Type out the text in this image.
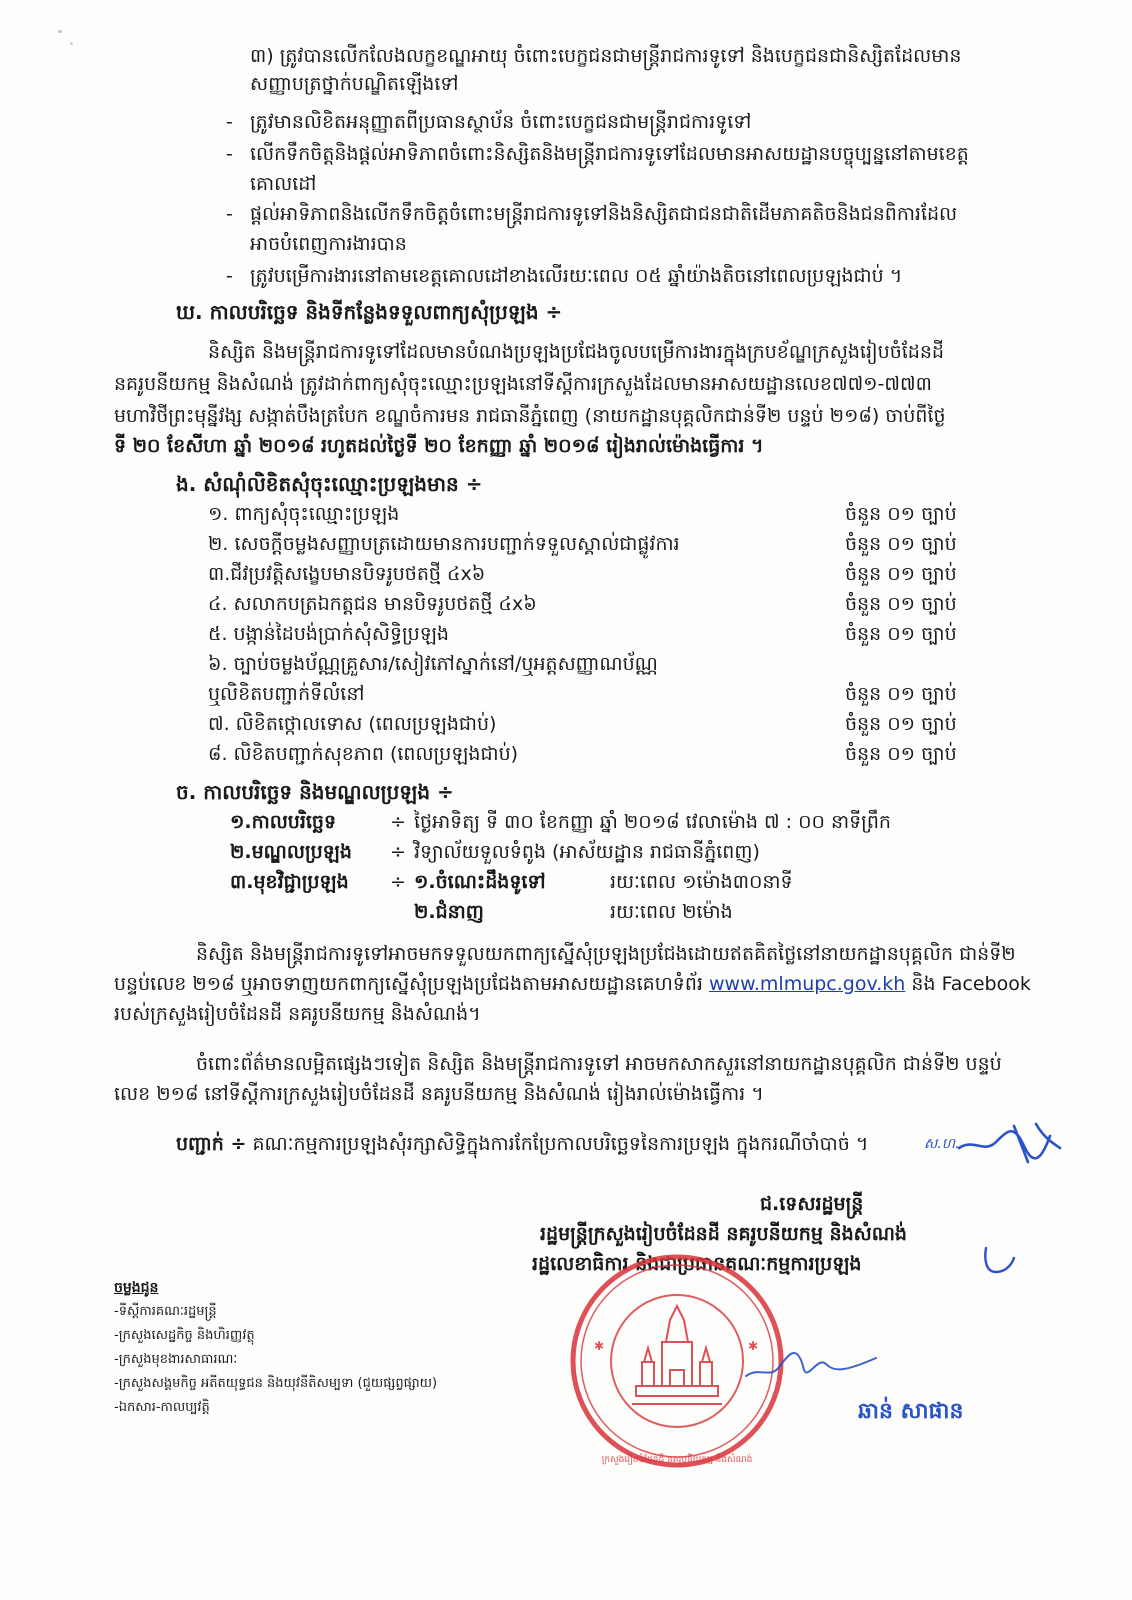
៣) ត្រូវបានលើកលែងលក្ខខណ្ឌអាយុ ចំពោះបេក្ខជនជាមន្ត្រីរាជការទូទៅ និងបេក្ខជនជានិស្សិតដែលមាន
សញ្ញាបត្រថ្នាក់បណ្ឌិតឡើងទៅ
- ត្រូវមានលិខិតអនុញ្ញាតពីប្រធានស្ថាប័ន ចំពោះបេក្ខជនជាមន្ត្រីរាជការទូទៅ
- លើកទឹកចិត្តនិងផ្តល់អាទិភាពចំពោះនិស្សិតនិងមន្ត្រីរាជការទូទៅដែលមានអាសយដ្ឋានបច្ចុប្បន្ននៅតាមខេត្ត
គោលដៅ
- ផ្តល់អាទិភាពនិងលើកទឹកចិត្តចំពោះមន្ត្រីរាជការទូទៅនិងនិស្សិតជាជនជាតិដើមភាគតិចនិងជនពិការដែល
អាចបំពេញការងារបាន
- ត្រូវបម្រើការងារនៅតាមខេត្តគោលដៅខាងលើរយៈពេល ០៥ ឆ្នាំយ៉ាងតិចនៅពេលប្រឡងជាប់ ។
ឃ. កាលបរិច្ឆេទ និងទីកន្លែងទទួលពាក្យសុំប្រឡង ÷
និស្សិត និងមន្ត្រីរាជការទូទៅដែលមានបំណងប្រឡងប្រជែងចូលបម្រើការងារក្នុងក្របខ័ណ្ឌក្រសួងរៀបចំដែនដី
នគរូបនីយកម្ម និងសំណង់ ត្រូវដាក់ពាក្យសុំចុះឈ្មោះប្រឡងនៅទីស្តីការក្រសួងដែលមានអាសយដ្ឋានលេខ៧៧១-៧៧៣
មហាវិថីព្រះមុន្នីវង្ស សង្កាត់បឹងត្របែក ខណ្ឌចំការមន រាជធានីភ្នំពេញ (នាយកដ្ឋានបុគ្គលិកជាន់ទី២ បន្ទប់ ២១៨) ចាប់ពីថ្ងៃ
ទី ២០ ខែសីហា ឆ្នាំ ២០១៨ រហូតដល់ថ្ងៃទី ២០ ខែកញ្ញា ឆ្នាំ ២០១៨ រៀងរាល់ម៉ោងធ្វើការ ។
ង. សំណុំលិខិតសុំចុះឈ្មោះប្រឡងមាន ÷
១. ពាក្យសុំចុះឈ្មោះប្រឡង	ចំនួន ០១ ច្បាប់
២. សេចក្តីចម្លងសញ្ញាបត្រដោយមានការបញ្ជាក់ទទួលស្គាល់ជាផ្លូវការ	ចំនួន ០១ ច្បាប់
៣.ជីវប្រវត្តិសង្ខេបមានបិទរូបថតថ្មី ៤x៦	ចំនួន ០១ ច្បាប់
៤. សលាកបត្រឯកត្តជន មានបិទរូបថតថ្មី ៤x៦	ចំនួន ០១ ច្បាប់
៥. បង្កាន់ដៃបង់ប្រាក់សុំសិទ្ធិប្រឡង	ចំនួន ០១ ច្បាប់
៦. ច្បាប់ចម្លងប័ណ្ណគ្រួសារ/សៀវភៅស្នាក់នៅ/ឬអត្តសញ្ញាណប័ណ្ណ
ឬលិខិតបញ្ជាក់ទីលំនៅ	ចំនួន ០១ ច្បាប់
៧. លិខិតថ្កោលទោស (ពេលប្រឡងជាប់)	ចំនួន ០១ ច្បាប់
៨. លិខិតបញ្ជាក់សុខភាព (ពេលប្រឡងជាប់)	ចំនួន ០១ ច្បាប់
ច. កាលបរិច្ឆេទ និងមណ្ឌលប្រឡង ÷
១.កាលបរិច្ឆេទ	÷ ថ្ងៃអាទិត្យ ទី ៣០ ខែកញ្ញា ឆ្នាំ ២០១៨ វេលាម៉ោង ៧ : ០០ នាទីព្រឹក
២.មណ្ឌលប្រឡង ÷ វិទ្យាល័យទួលទំពូង (អាស័យដ្ឋាន រាជធានីភ្នំពេញ)
៣.មុខវិជ្ជាប្រឡង ÷ ១.ចំណេះដឹងទូទៅ	រយៈពេល ១ម៉ោង៣០នាទី
២.ជំនាញ	រយៈពេល ២ម៉ោង
និស្សិត និងមន្ត្រីរាជការទូទៅអាចមកទទួលយកពាក្យស្នើសុំប្រឡងប្រជែងដោយឥតគិតថ្លៃនៅនាយកដ្ឋានបុគ្គលិក ជាន់ទី២
បន្ទប់លេខ ២១៨ ឬអាចទាញយកពាក្យស្នើសុំប្រឡងប្រជែងតាមអាសយដ្ឋានគេហទំព័រ www.mlmupc.gov.kh និង Facebook
របស់ក្រសួងរៀបចំដែនដី នគរូបនីយកម្ម និងសំណង់។
ចំពោះព័ត៌មានលម្អិតផ្សេងៗទៀត និស្សិត និងមន្ត្រីរាជការទូទៅ អាចមកសាកសួរនៅនាយកដ្ឋានបុគ្គលិក ជាន់ទី២ បន្ទប់
លេខ ២១៨ នៅទីស្តីការក្រសួងរៀបចំដែនដី នគរូបនីយកម្ម និងសំណង់ រៀងរាល់ម៉ោងធ្វើការ ។
បញ្ជាក់ ÷ គណៈកម្មការប្រឡងសុំរក្សាសិទ្ធិក្នុងការកែប្រែកាលបរិច្ឆេទនៃការប្រឡង ក្នុងករណីចាំបាច់ ។	ស.ហ.
ជ.ទេសរដ្ឋមន្ត្រី
រដ្ឋមន្ត្រីក្រសួងរៀបចំដែនដី នគរូបនីយកម្ម និងសំណង់
រដ្ឋលេខាធិការ និងជាប្រធានគណៈកម្មការប្រឡង
✱	✱
ក្រសួងរៀបចំដែនដី នគរូបនីយកម្ម និងសំណង់
ឆាន់ សាផាន
ចម្លងជូន
-ទីស្តីការគណៈរដ្ឋមន្ត្រី
-ក្រសួងសេដ្ឋកិច្ច និងហិរញ្ញវត្ថុ
-ក្រសួងមុខងារសាធារណៈ
-ក្រសួងសង្គមកិច្ច អតីតយុទ្ធជន និងយុវនីតិសម្បទា (ជួយផ្សព្វផ្សាយ)
-ឯកសារ-កាលប្បវត្តិ
